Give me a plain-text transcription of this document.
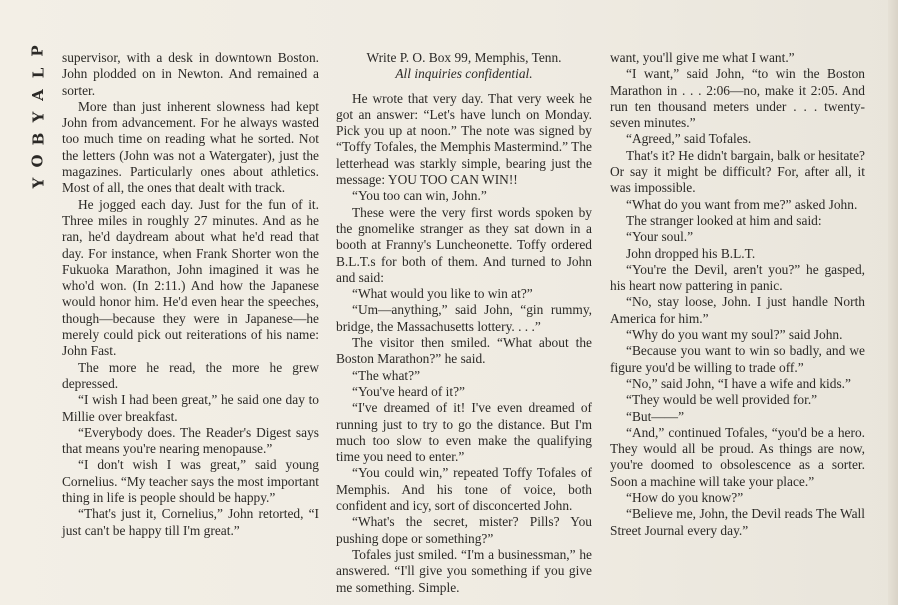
P
L
A
Y
B
O
Y

supervisor, with a desk in downtown Boston. John plodded on in Newton. And remained a sorter.

More than just inherent slowness had kept John from advancement. For he always wasted too much time on reading what he sorted. Not the letters (John was not a Watergater), just the magazines. Particularly ones about athletics. Most of all, the ones that dealt with track.

He jogged each day. Just for the fun of it. Three miles in roughly 27 minutes. And as he ran, he'd daydream about what he'd read that day. For instance, when Frank Shorter won the Fukuoka Marathon, John imagined it was he who'd won. (In 2:11.) And how the Japanese would honor him. He'd even hear the speeches, though—because they were in Japanese—he merely could pick out reiterations of his name: John Fast.

The more he read, the more he grew depressed.

“I wish I had been great,” he said one day to Millie over breakfast.

“Everybody does. The Reader's Digest says that means you're nearing menopause.”

“I don't wish I was great,” said young Cornelius. “My teacher says the most important thing in life is people should be happy.”

“That's just it, Cornelius,” John retorted, “I just can't be happy till I'm great.”

Write P. O. Box 99, Memphis, Tenn.

All inquiries confidential.

He wrote that very day. That very week he got an answer: “Let's have lunch on Monday. Pick you up at noon.” The note was signed by “Toffy Tofales, the Memphis Mastermind.” The letterhead was starkly simple, bearing just the message: YOU TOO CAN WIN!!

“You too can win, John.”

These were the very first words spoken by the gnomelike stranger as they sat down in a booth at Franny's Luncheonette. Toffy ordered B.L.T.s for both of them. And turned to John and said:

“What would you like to win at?”

“Um—anything,” said John, “gin rummy, bridge, the Massachusetts lottery. . . .”

The visitor then smiled. “What about the Boston Marathon?” he said.

“The what?”

“You've heard of it?”

“I've dreamed of it! I've even dreamed of running just to try to go the distance. But I'm much too slow to even make the qualifying time you need to enter.”

“You could win,” repeated Toffy Tofales of Memphis. And his tone of voice, both confident and icy, sort of disconcerted John.

“What's the secret, mister? Pills? You pushing dope or something?”

Tofales just smiled. “I'm a businessman,” he answered. “I'll give you something if you give me something. Simple.

want, you'll give me what I want.”

“I want,” said John, “to win the Boston Marathon in . . . 2:06—no, make it 2:05. And run ten thousand meters under . . . twenty-seven minutes.”

“Agreed,” said Tofales.

That's it? He didn't bargain, balk or hesitate? Or say it might be difficult? For, after all, it was impossible.

“What do you want from me?” asked John.

The stranger looked at him and said:

“Your soul.”

John dropped his B.L.T.

“You're the Devil, aren't you?” he gasped, his heart now pattering in panic.

“No, stay loose, John. I just handle North America for him.”

“Why do you want my soul?” said John.

“Because you want to win so badly, and we figure you'd be willing to trade off.”

“No,” said John, “I have a wife and kids.”

“They would be well provided for.”

“But——”

“And,” continued Tofales, “you'd be a hero. They would all be proud. As things are now, you're doomed to obsolescence as a sorter. Soon a machine will take your place.”

“How do you know?”

“Believe me, John, the Devil reads The Wall Street Journal every day.”
